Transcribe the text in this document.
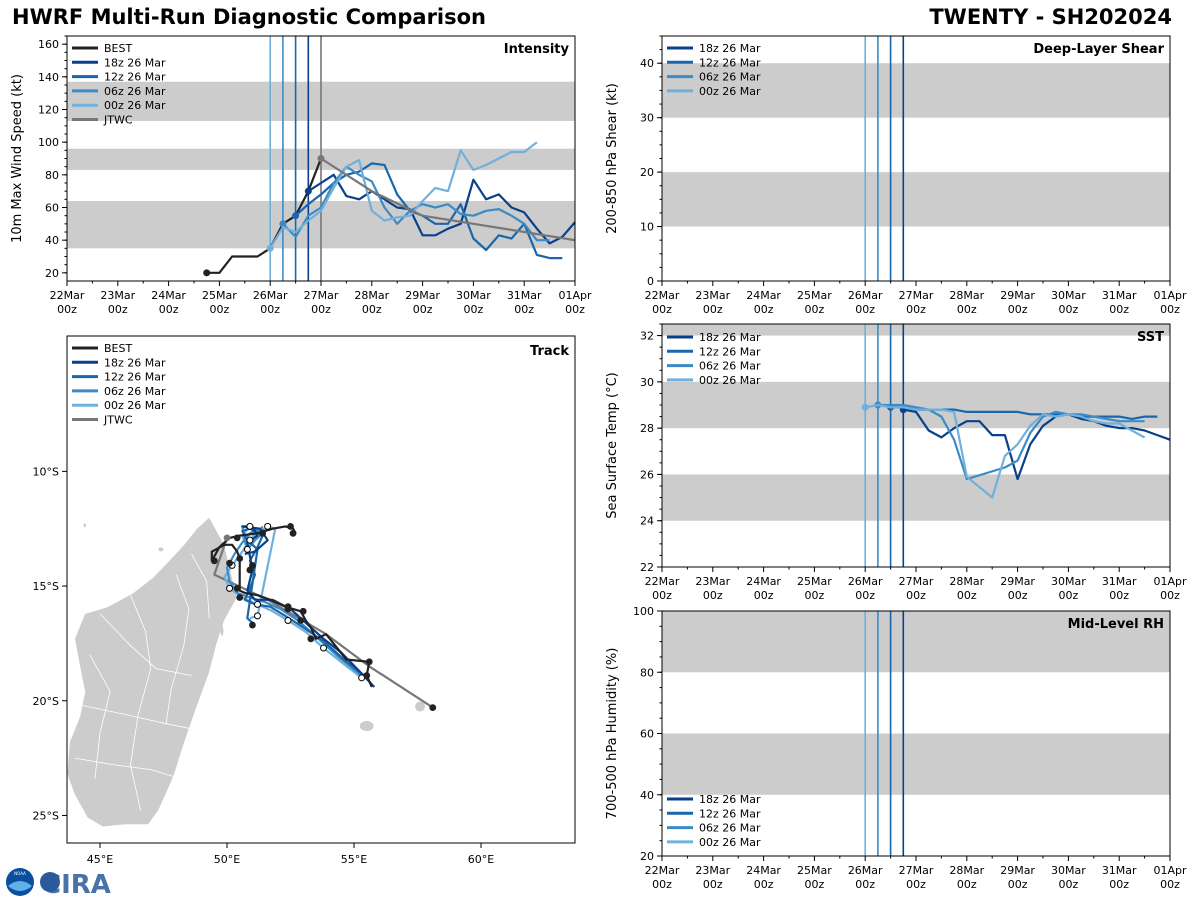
HWRF Multi-Run Diagnostic Comparison	TWENTY - SH202024
20
40
60
80
100
120
140
160
22Mar
00z
23Mar
00z
24Mar
00z
25Mar
00z
26Mar
00z
27Mar
00z
28Mar
00z
29Mar
00z
30Mar
00z
31Mar
00z
01Apr
00z
10m Max Wind Speed (kt)
Intensity
BEST
18z 26 Mar
12z 26 Mar
06z 26 Mar
00z 26 Mar
JTWC
0
10
20
30
40
22Mar
00z
23Mar
00z
24Mar
00z
25Mar
00z
26Mar
00z
27Mar
00z
28Mar
00z
29Mar
00z
30Mar
00z
31Mar
00z
01Apr
00z
200-850 hPa Shear (kt)
Deep-Layer Shear
18z 26 Mar
12z 26 Mar
06z 26 Mar
00z 26 Mar
22
24
26
28
30
32
22Mar
00z
23Mar
00z
24Mar
00z
25Mar
00z
26Mar
00z
27Mar
00z
28Mar
00z
29Mar
00z
30Mar
00z
31Mar
00z
01Apr
00z
Sea Surface Temp (°C)
SST
18z 26 Mar
12z 26 Mar
06z 26 Mar
00z 26 Mar
20
40
60
80
100
22Mar
00z
23Mar
00z
24Mar
00z
25Mar
00z
26Mar
00z
27Mar
00z
28Mar
00z
29Mar
00z
30Mar
00z
31Mar
00z
01Apr
00z
700-500 hPa Humidity (%)
Mid-Level RH
18z 26 Mar
12z 26 Mar
06z 26 Mar
00z 26 Mar
45°E	50°E	55°E	60°E
10°S
15°S
20°S
25°S
Track
BEST
18z 26 Mar
12z 26 Mar
06z 26 Mar
00z 26 Mar
JTWC
NOAA CIRA
